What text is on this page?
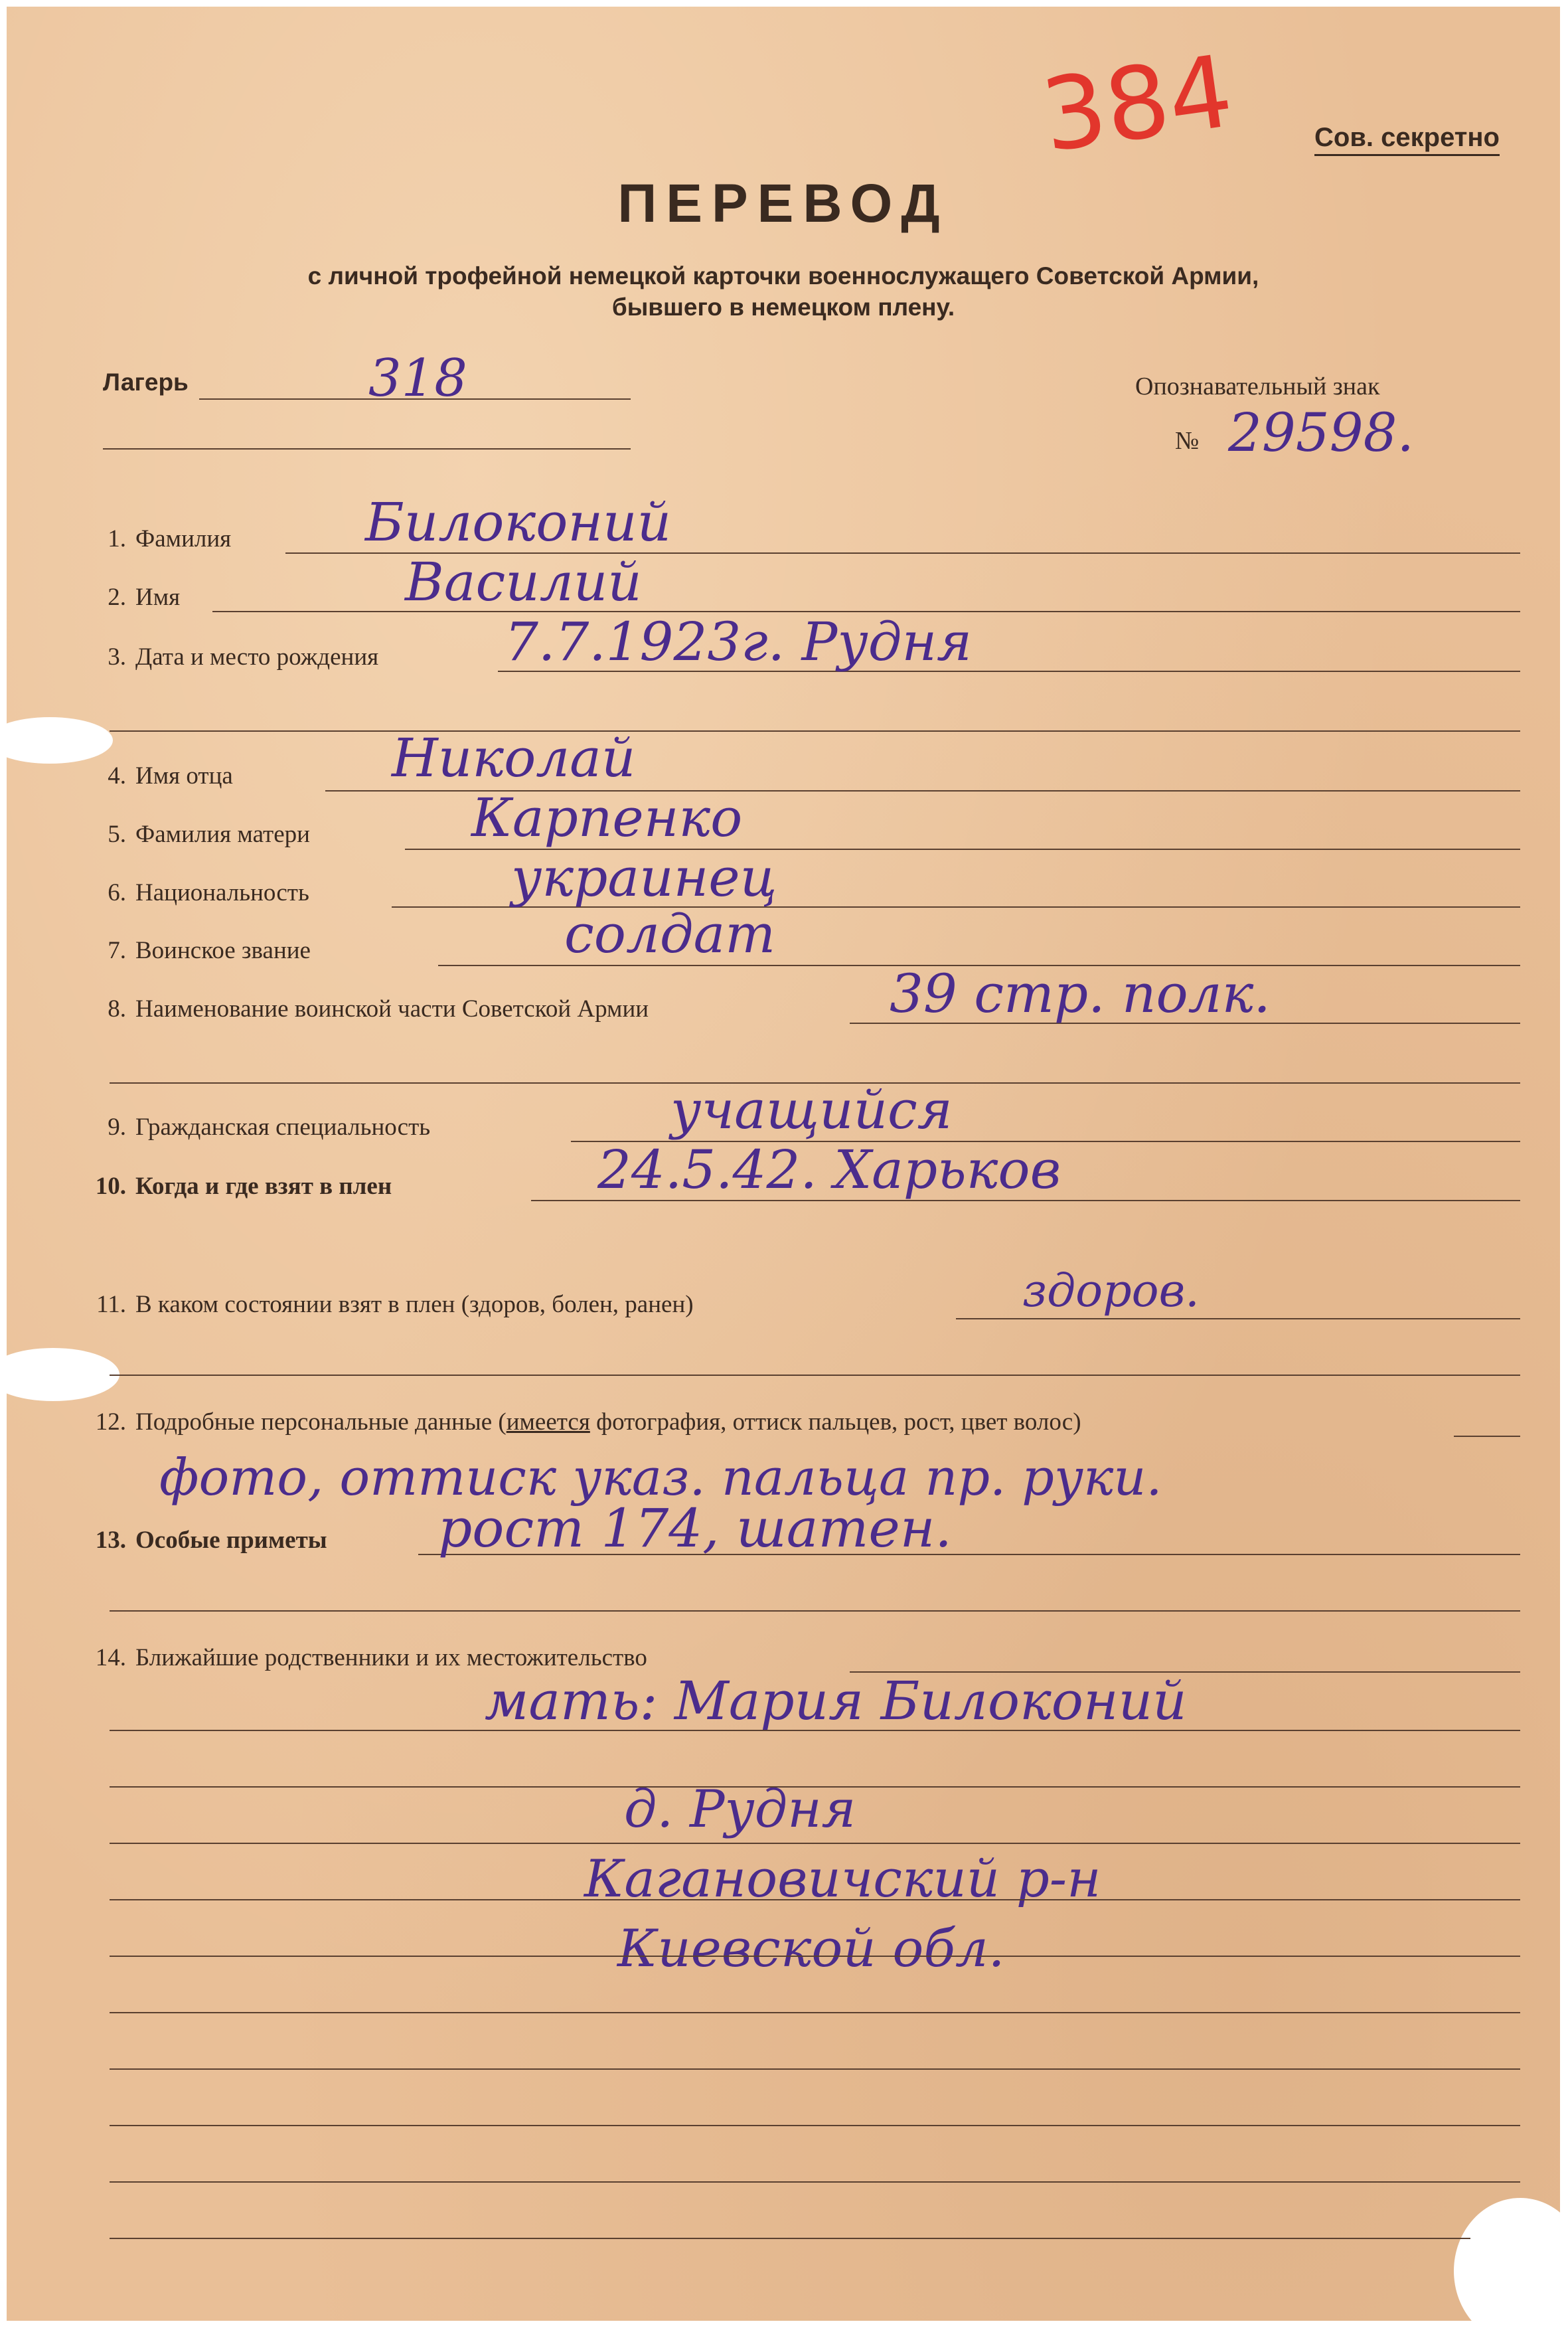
384	Сов. секретно
ПЕРЕВОД
с личной трофейной немецкой карточки военнослужащего Советской Армии,
бывшего в немецком плену.
Лагерь	318	Опознавательный знак
№ 29598.
1. Фамилия	Билоконий
2. Имя	Василий
3. Дата и место рождения 7.7.1923г. Рудня
4. Имя отца	Николай
5. Фамилия матери	Карпенко
6. Национальность	украинец
7. Воинское звание	солдат
8. Наименование воинской части Советской Армии	39 стр. полк.
9. Гражданская специальность	учащийся
10. Когда и где взят в плен	24.5.42. Харьков
11. В каком состоянии взят в плен (здоров, болен, ранен)	здоров.
12. Подробные персональные данные (имеется фотография, оттиск пальцев, рост, цвет волос)
фото, оттиск указ. пальца пр. руки.
13. Особые приметы рост 174, шатен.
14. Ближайшие родственники и их местожительство
мать: Мария Билоконий
д. Рудня
Кагановичский р-н
Киевской обл.
